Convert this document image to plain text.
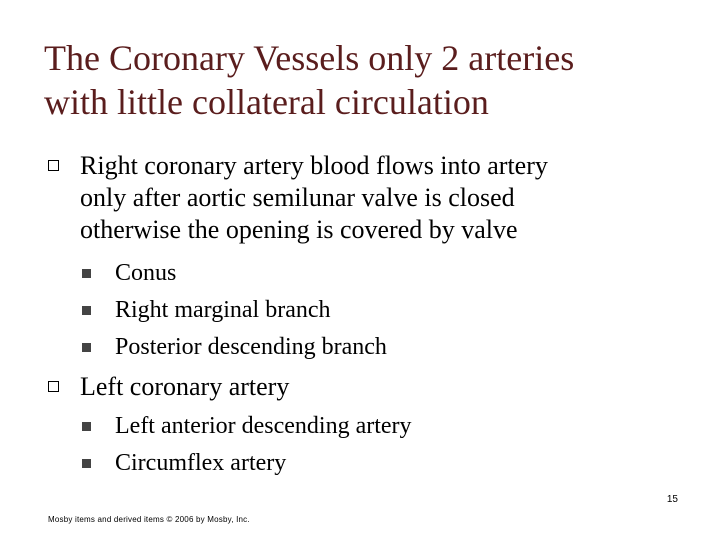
The Coronary Vessels only 2 arteries
with little collateral circulation
Right coronary artery blood flows into artery
only after aortic semilunar valve is closed
otherwise the opening is covered by valve
Conus
Right marginal branch
Posterior descending branch
Left coronary artery
Left anterior descending artery
Circumflex artery
15
Mosby items and derived items © 2006 by Mosby, Inc.
